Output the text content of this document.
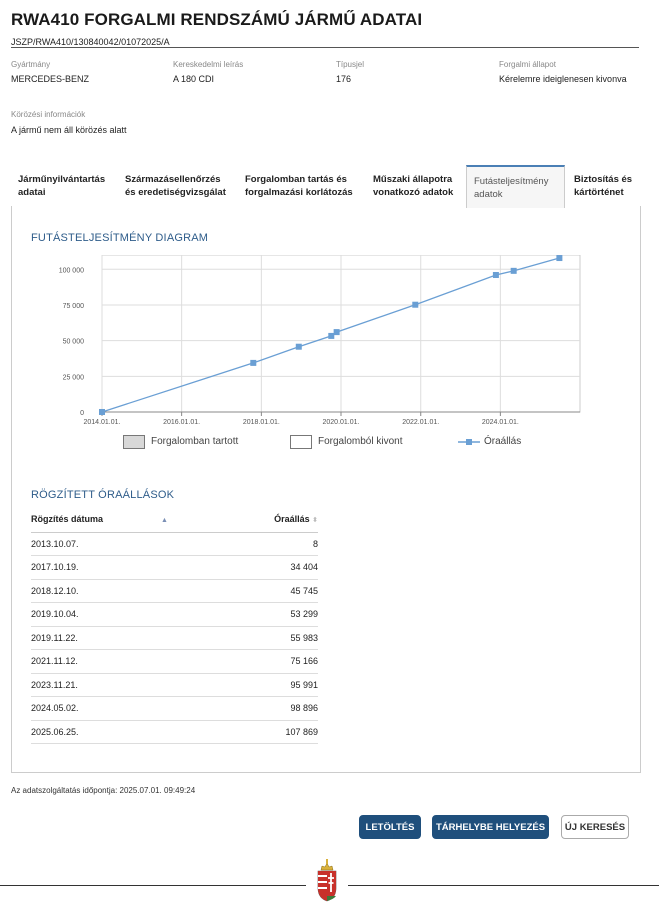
RWA410 FORGALMI RENDSZÁMÚ JÁRMŰ ADATAI
JSZP/RWA410/130840042/01072025/A
Gyártmány
MERCEDES-BENZ
Kereskedelmi leírás
A 180 CDI
Típusjel
176
Forgalmi állapot
Kérelemre ideiglenesen kivonva
Körözési információk
A jármű nem áll körözés alatt
Járműnyilvántartás
adatai
Származásellenőrzés
és eredetiségvizsgálat
Forgalomban tartás és
forgalmazási korlátozás
Műszaki állapotra
vonatkozó adatok
Futásteljesítmény
adatok
Biztosítás és
kártörténet
FUTÁSTELJESÍTMÉNY DIAGRAM
0
25 000
50 000
75 000
100 000
2014.01.01.	2016.01.01.	2018.01.01.	2020.01.01.	2022.01.01.	2024.01.01.
Forgalomban tartott	Forgalomból kivont	Óraállás
RÖGZÍTETT ÓRAÁLLÁSOK
Rögzítés dátuma ▲	Óraállás ⬍
2013.10.07.	8
2017.10.19.	34 404
2018.12.10.	45 745
2019.10.04.	53 299
2019.11.22.	55 983
2021.11.12.	75 166
2023.11.21.	95 991
2024.05.02.	98 896
2025.06.25.	107 869
Az adatszolgáltatás időpontja: 2025.07.01. 09:49:24
LETÖLTÉS	TÁRHELYBE HELYEZÉS	ÚJ KERESÉS
